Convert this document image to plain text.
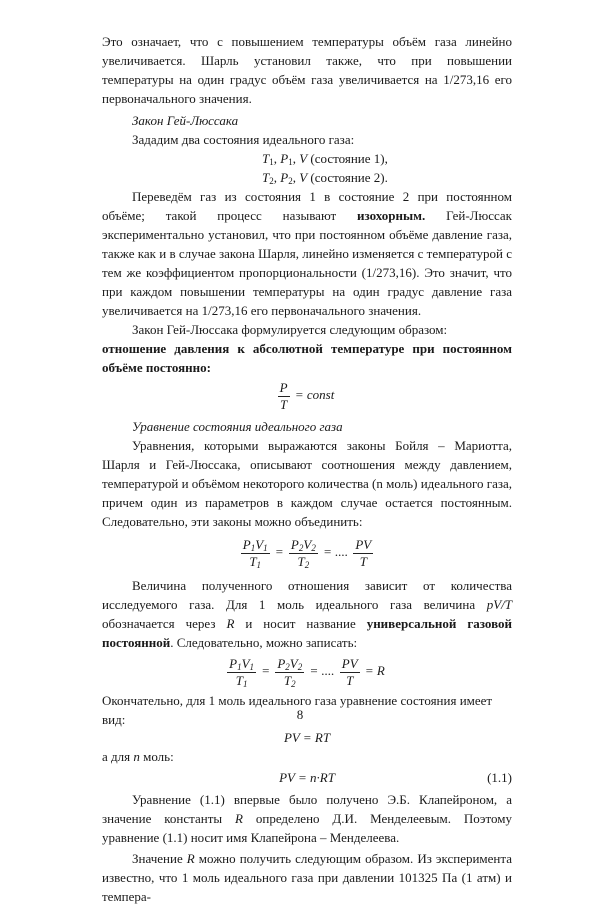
Это означает, что с повышением температуры объём газа линейно увеличивается. Шарль установил также, что при повышении температуры на один градус объём газа увеличивается на 1/273,16 его первоначального значения.

Закон Гей-Люссака

Зададим два состояния идеального газа:

$T_1$, $P_1$, V (состояние 1),

$T_2$, $P_2$, V (состояние 2).

Переведём газ из состояния 1 в состояние 2 при постоянном объёме; такой процесс называют изохорным. Гей-Люссак экспериментально установил, что при постоянном объёме давление газа, также как и в случае закона Шарля, линейно изменяется с температурой с тем же коэффициентом пропорциональности (1/273,16). Это значит, что при каждом повышении температуры на один градус давление газа увеличивается на 1/273,16 его первоначального значения.

Закон Гей-Люссака формулируется следующим образом:

отношение давления к абсолютной температуре при постоянном объёме постоянно:

$\frac{P}{T}$ = const

Уравнение состояния идеального газа

Уравнения, которыми выражаются законы Бойля – Мариотта, Шарля и Гей-Люссака, описывают соотношения между давлением, температурой и объёмом некоторого количества (n моль) идеального газа, причем один из параметров в каждом случае остается постоянным. Следовательно, эти законы можно объединить:

$\frac{P_1V_1}{T_1} = \frac{P_2V_2}{T_2}$ = .... $\frac{PV}{T}$

Величина полученного отношения зависит от количества исследуемого газа. Для 1 моль идеального газа величина pV/T обозначается через R и носит название универсальной газовой постоянной. Следовательно, можно записать:

$\frac{P_1V_1}{T_1} = \frac{P_2V_2}{T_2}$ = .... $\frac{PV}{T} = R$

Окончательно, для 1 моль идеального газа уравнение состояния имеет вид:

PV = RT

а для n моль:

PV = n·RT	(1.1)

Уравнение (1.1) впервые было получено Э.Б. Клапейроном, а значение константы R определено Д.И. Менделеевым. Поэтому уравнение (1.1) носит имя Клапейрона – Менделеева.

Значение R можно получить следующим образом. Из эксперимента известно, что 1 моль идеального газа при давлении 101325 Па (1 атм) и темпера-

8
